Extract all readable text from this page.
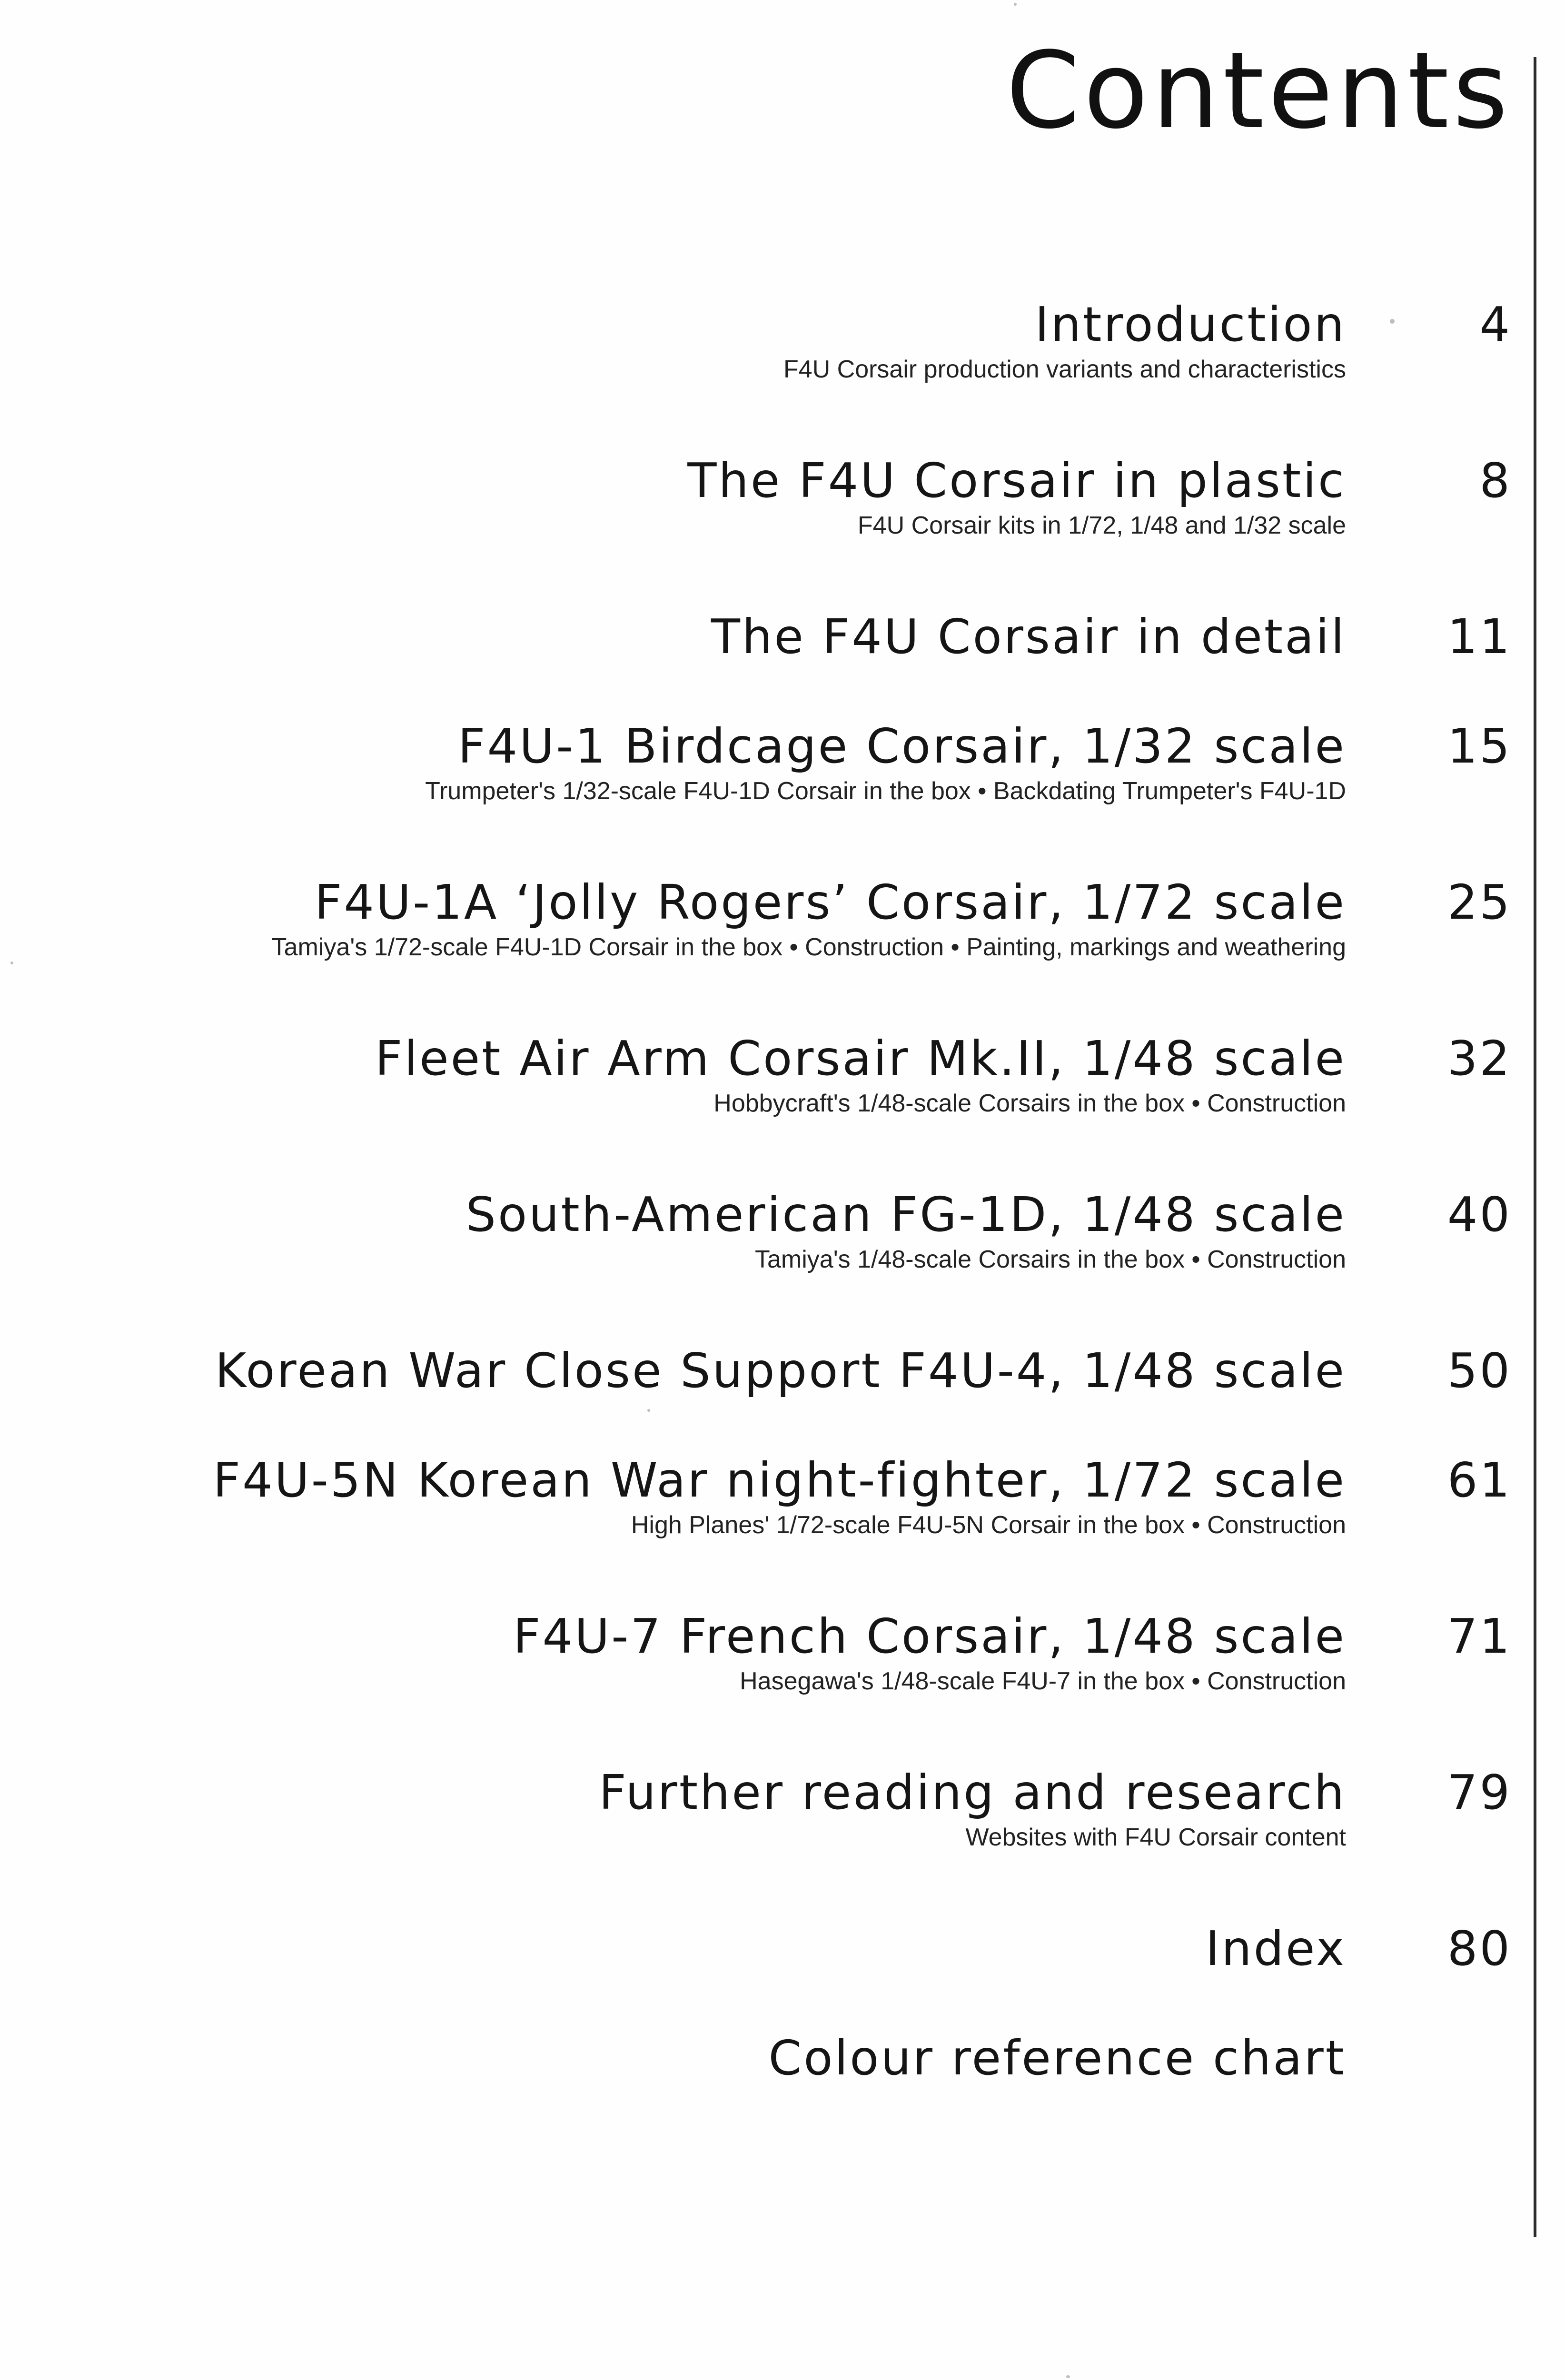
Contents
Introduction	4
F4U Corsair production variants and characteristics
The F4U Corsair in plastic	8
F4U Corsair kits in 1/72, 1/48 and 1/32 scale
The F4U Corsair in detail 11
F4U-1 Birdcage Corsair, 1/32 scale 15
Trumpeter's 1/32-scale F4U-1D Corsair in the box • Backdating Trumpeter's F4U-1D
F4U-1A ‘Jolly Rogers’ Corsair, 1/72 scale 25
Tamiya's 1/72-scale F4U-1D Corsair in the box • Construction • Painting, markings and weathering
Fleet Air Arm Corsair Mk.II, 1/48 scale 32
Hobbycraft's 1/48-scale Corsairs in the box • Construction
South-American FG-1D, 1/48 scale 40
Tamiya's 1/48-scale Corsairs in the box • Construction
Korean War Close Support F4U-4, 1/48 scale 50
F4U-5N Korean War night-fighter, 1/72 scale 61
High Planes' 1/72-scale F4U-5N Corsair in the box • Construction
F4U-7 French Corsair, 1/48 scale 71
Hasegawa's 1/48-scale F4U-7 in the box • Construction
Further reading and research 79
Websites with F4U Corsair content
Index 80
Colour reference chart
